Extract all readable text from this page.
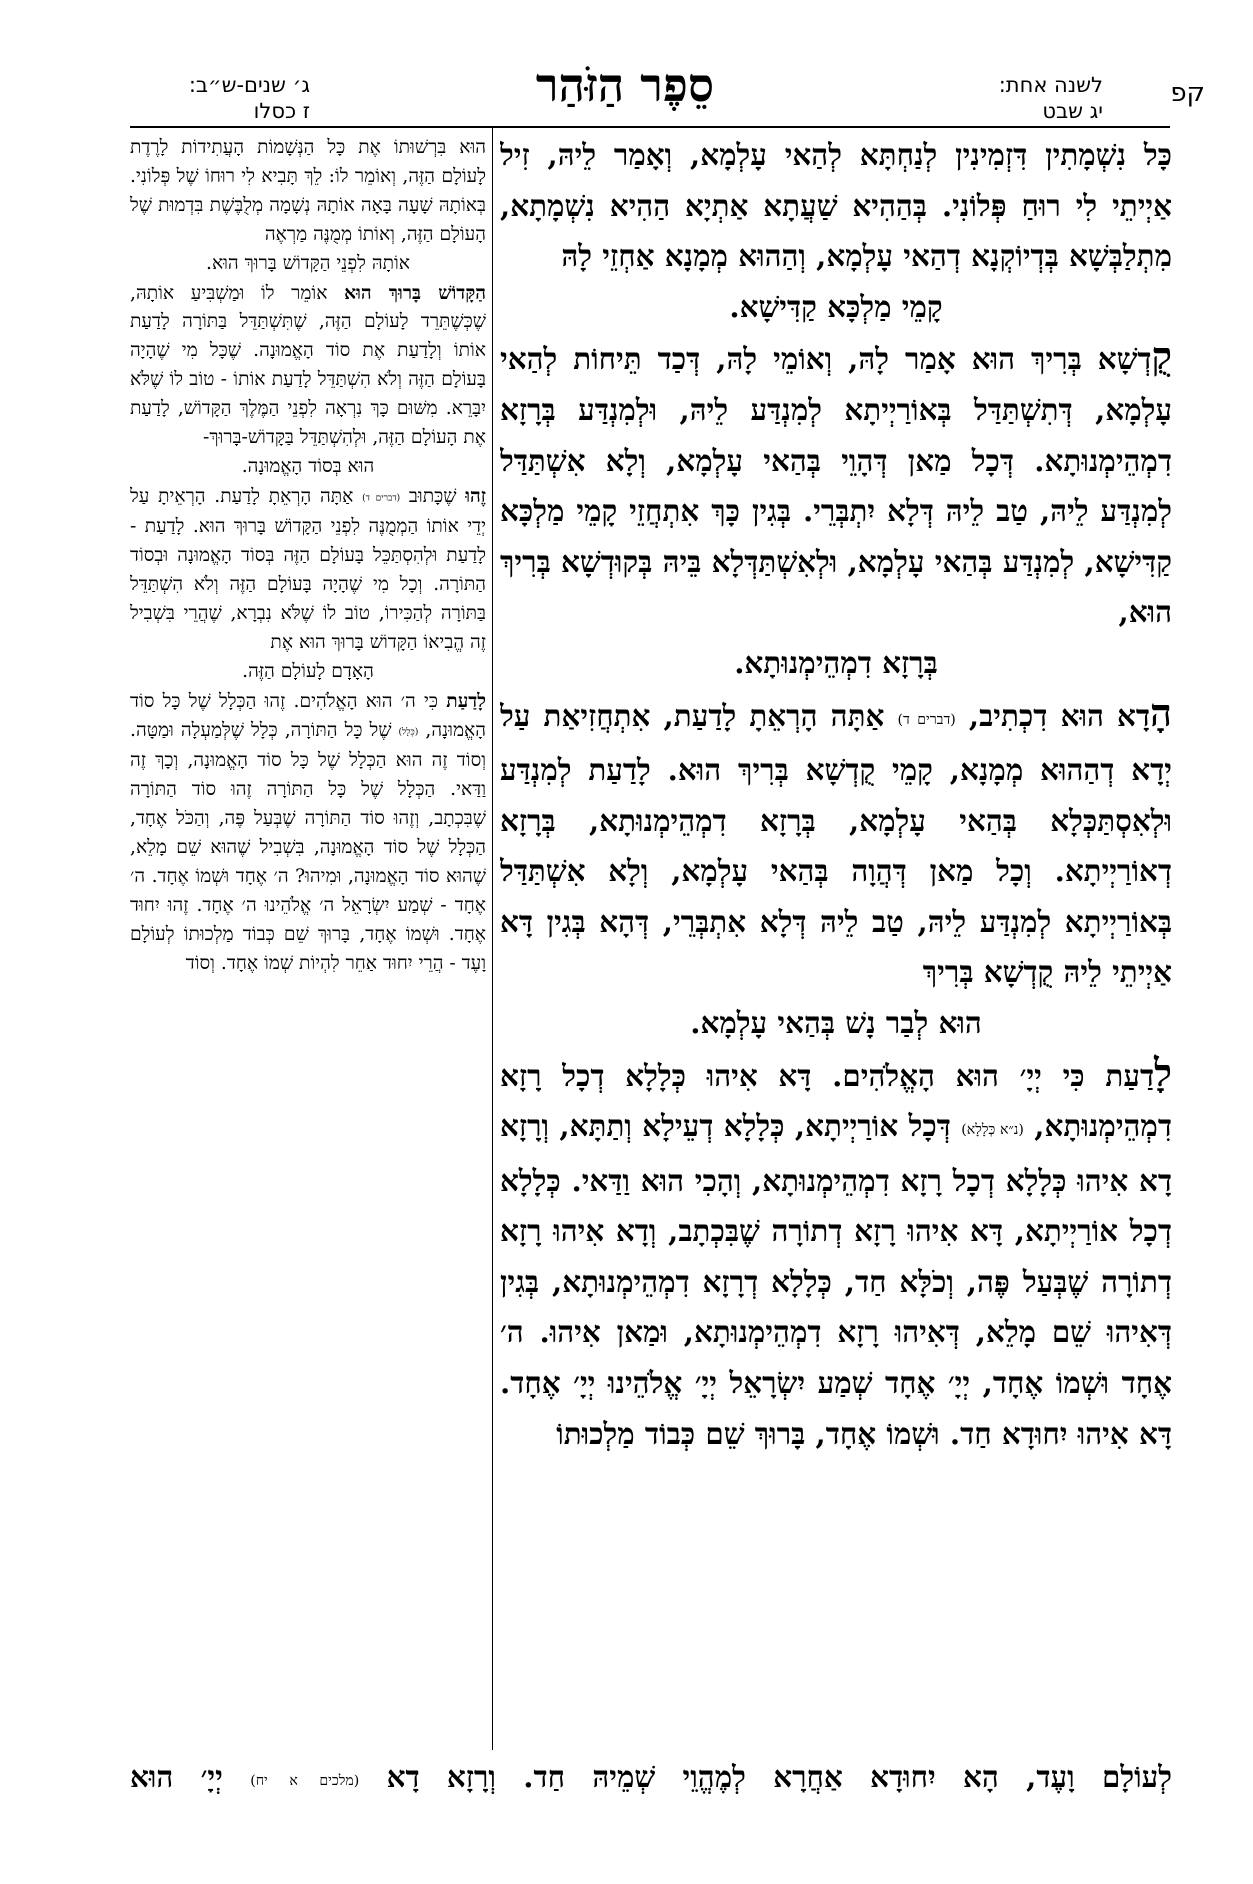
קפ
לשנה אחת:
יג שבט
סֵפֶר הַזֹּהַר
ג׳ שנים-ש״ב:
ז כסלו

כָּל נִשְׁמָתִין דִּזְמִינִין לְנַחְתָּא לְהַאי עָלְמָא, וְאָמַר לֵיהּ, זִיל אַיְיתֵי לִי רוּחַ פְּלוֹנִי. בְּהַהִיא שַׁעֲתָא אַתְיָא הַהִיא נִשְׁמָתָא, מִתְלַבְּשָׁא בְּדְיוֹקְנָא דְהַאי עָלְמָא, וְהַהוּא מְמָנָא אַחְזֵי לָהּ

קָמֵי מַלְכָּא קַדִּישָׁא.

קֻדְשָׁא בְּרִיךְ הוּא אָמַר לָהּ, וְאוֹמֵי לָהּ, דְּכַד תֵּיחוֹת לְהַאי עָלְמָא, דְּתִשְׁתַּדַּל בְּאוֹרַיְיתָא לְמִנְדַּע לֵיהּ, וּלְמִנְדַּע בְּרָזָא דִמְהֵימְנוּתָא. דְּכָל מַאן דְּהָוֵי בְּהַאי עָלְמָא, וְלָא אִשְׁתַּדַּל לְמִנְדַּע לֵיהּ, טַב לֵיהּ דְּלָא יִתְבְּרֵי. בְּגִין כָּךְ אִתְחֲזֵי קָמֵי מַלְכָּא קַדִּישָׁא, לְמִנְדַּע בְּהַאי עָלְמָא, וּלְאִשְׁתַּדְּלָא בֵּיהּ בְּקוּדְשָׁא בְּרִיךְ הוּא,

בְּרָזָא דִמְהֵימְנוּתָא.

הָדָא הוּא דִכְתִיב, (דברים ד) אַתָּה הָרְאֵתָ לָדַעַת, אִתְחֲזִיאַת עַל יְדָא דְהַהוּא מְמָנָא, קָמֵי קֻדְשָׁא בְּרִיךְ הוּא. לָדַעַת לְמִנְדַּע וּלְאִסְתַּכְּלָא בְּהַאי עָלְמָא, בְּרָזָא דִמְהֵימְנוּתָא, בְּרָזָא דְאוֹרַיְיתָא. וְכָל מַאן דְּהֲוָה בְּהַאי עָלְמָא, וְלָא אִשְׁתַּדַּל בְּאוֹרַיְיתָא לְמִנְדַּע לֵיהּ, טַב לֵיהּ דְּלָא אִתְבְּרֵי, דְּהָא בְּגִין דָּא אַיְיתֵי לֵיהּ קֻדְשָׁא בְּרִיךְ

הוּא לְבַר נָשׁ בְּהַאי עָלְמָא.

לָדַעַת כִּי יְיָ׳ הוּא הָאֱלֹהִים. דָּא אִיהוּ כְּלָלָא דְכָל רָזָא דִמְהֵימְנוּתָא, (נ״א כְּלָלָא) דְּכָל אוֹרַיְיתָא, כְּלָלָא דְעֵילָא וְתַתָּא, וְרָזָא דָא אִיהוּ כְּלָלָא דְכָל רָזָא דִמְהֵימְנוּתָא, וְהָכִי הוּא וַדַּאי. כְּלָלָא דְכָל אוֹרַיְיתָא, דָּא אִיהוּ רָזָא דְתוֹרָה שֶׁבִּכְתָב, וְדָא אִיהוּ רָזָא דְתוֹרָה שֶׁבְּעַל פֶּה, וְכֹלָּא חַד, כְּלָלָא דְרָזָא דִמְהֵימְנוּתָא, בְּגִין דְּאִיהוּ שֵׁם מָלֵא, דְּאִיהוּ רָזָא דִמְהֵימְנוּתָא, וּמַאן אִיהוּ. ה׳ אֶחָד וּשְׁמוֹ אֶחָד, יְיָ׳ אֶחָד שְׁמַע יִשְׂרָאֵל יְיָ׳ אֱלֹהֵינוּ יְיָ׳ אֶחָד. דָּא אִיהוּ יִחוּדָא חַד. וּשְׁמוֹ אֶחָד, בָּרוּךְ שֵׁם כְּבוֹד מַלְכוּתוֹ

הוּא בִּרְשׁוּתוֹ אֶת כָּל הַנְּשָׁמוֹת הָעֲתִידוֹת לָרֶדֶת לָעוֹלָם הַזֶּה, וְאוֹמֵר לוֹ: לֵךְ תָּבִיא לִי רוּחוֹ שֶׁל פְּלוֹנִי. בְּאוֹתָהּ שָׁעָה בָּאָה אוֹתָהּ נְשָׁמָה מְלֻבֶּשֶׁת בִּדְמוּת שֶׁל הָעוֹלָם הַזֶּה, וְאוֹתוֹ מְמֻנֶּה מַרְאֶה

אוֹתָהּ לִפְנֵי הַקָּדוֹשׁ בָּרוּךְ הוּא.

הַקָּדוֹשׁ בָּרוּךְ הוּא אוֹמֵר לוֹ וּמַשְׁבִּיעַ אוֹתָהּ, שֶׁכְּשֶׁתֵּרֵד לָעוֹלָם הַזֶּה, שֶׁתִּשְׁתַּדֵּל בַּתּוֹרָה לָדַעַת אוֹתוֹ וְלָדַעַת אֶת סוֹד הָאֱמוּנָה. שֶׁכָּל מִי שֶׁהָיָה בָּעוֹלָם הַזֶּה וְלֹא הִשְׁתַּדֵּל לָדַעַת אוֹתוֹ - טוֹב לוֹ שֶׁלֹּא יִבָּרֵא. מִשּׁוּם כָּךְ נִרְאָה לִפְנֵי הַמֶּלֶךְ הַקָּדוֹשׁ, לָדַעַת אֶת הָעוֹלָם הַזֶּה, וּלְהִשְׁתַּדֵּל בַּקָּדוֹשׁ-בָּרוּךְ-

הוּא בְּסוֹד הָאֱמוּנָה.

זֶהוּ שֶׁכָּתוּב (דברים ד) אַתָּה הָרְאֵתָ לָדַעַת. הָרְאֵיתָ עַל יְדֵי אוֹתוֹ הַמְמֻנֶּה לִפְנֵי הַקָּדוֹשׁ בָּרוּךְ הוּא. לָדַעַת - לָדַעַת וּלְהִסְתַּכֵּל בָּעוֹלָם הַזֶּה בְּסוֹד הָאֱמוּנָה וּבְסוֹד הַתּוֹרָה. וְכָל מִי שֶׁהָיָה בָּעוֹלָם הַזֶּה וְלֹא הִשְׁתַּדֵּל בַּתּוֹרָה לְהַכִּירוֹ, טוֹב לוֹ שֶׁלֹּא נִבְרָא, שֶׁהֲרֵי בִּשְׁבִיל זֶה הֱבִיאוֹ הַקָּדוֹשׁ בָּרוּךְ הוּא אֶת

הָאָדָם לָעוֹלָם הַזֶּה.

לָדַעַת כִּי ה׳ הוּא הָאֱלֹהִים. זֶהוּ הַכְּלָל שֶׁל כָּל סוֹד הָאֱמוּנָה, (כְּלָל) שֶׁל כָּל הַתּוֹרָה, כְּלָל שֶׁלְּמַעְלָה וּמַטָּה. וְסוֹד זֶה הוּא הַכְּלָל שֶׁל כָּל סוֹד הָאֱמוּנָה, וְכָךְ זֶה וַדַּאי. הַכְּלָל שֶׁל כָּל הַתּוֹרָה זֶהוּ סוֹד הַתּוֹרָה שֶׁבִּכְתָב, וְזֶהוּ סוֹד הַתּוֹרָה שֶׁבְּעַל פֶּה, וְהַכֹּל אֶחָד, הַכְּלָל שֶׁל סוֹד הָאֱמוּנָה, בִּשְׁבִיל שֶׁהוּא שֵׁם מָלֵא, שֶׁהוּא סוֹד הָאֱמוּנָה, וּמִיהוּ? ה׳ אֶחָד וּשְׁמוֹ אֶחָד. ה׳ אֶחָד - שְׁמַע יִשְׂרָאֵל ה׳ אֱלֹהֵינוּ ה׳ אֶחָד. זֶהוּ יִחוּד אֶחָד. וּשְׁמוֹ אֶחָד, בָּרוּךְ שֵׁם כְּבוֹד מַלְכוּתוֹ לְעוֹלָם וָעֶד - הֲרֵי יִחוּד אַחֵר לִהְיוֹת שְׁמוֹ אֶחָד. וְסוֹד

לְעוֹלָם וָעֶד, הָא יִחוּדָא אַחֲרָא לְמֶהֱוֵי שְׁמֵיהּ חַד. וְרָזָא דָא (מלכים א יח) יְיָ׳ הוּא
